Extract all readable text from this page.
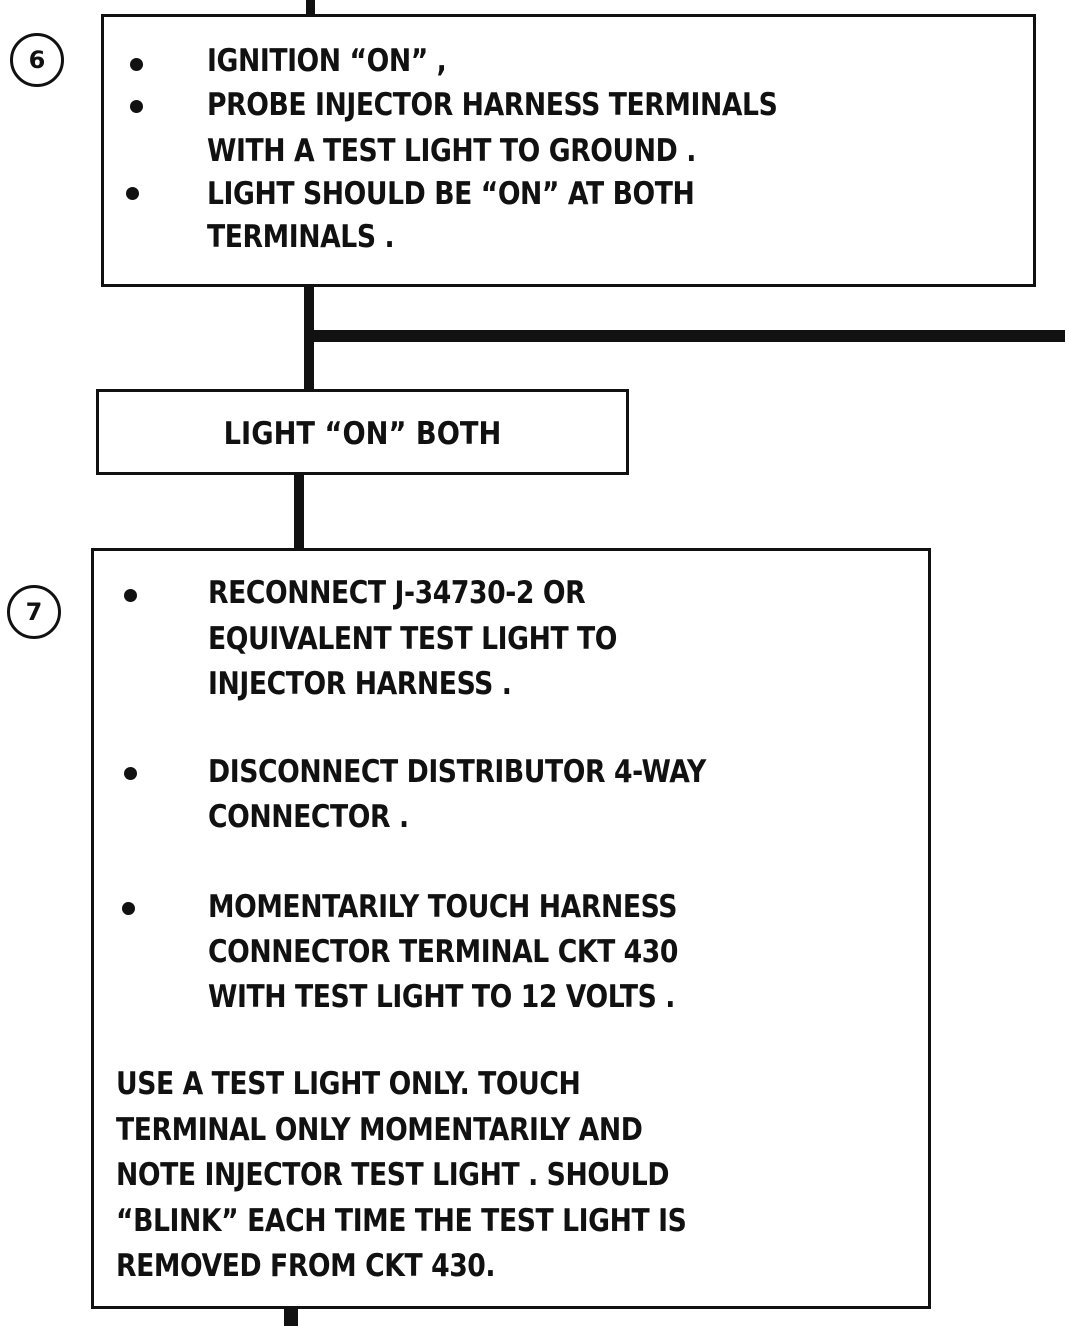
6	IGNITION “ON” ,
PROBE INJECTOR HARNESS TERMINALS
WITH A TEST LIGHT TO GROUND .
LIGHT SHOULD BE “ON” AT BOTH
TERMINALS .
LIGHT “ON” BOTH
7
RECONNECT J-34730-2 OR
EQUIVALENT TEST LIGHT TO
INJECTOR HARNESS .
DISCONNECT DISTRIBUTOR 4-WAY
CONNECTOR .
MOMENTARILY TOUCH HARNESS
CONNECTOR TERMINAL CKT 430
WITH TEST LIGHT TO 12 VOLTS .
USE A TEST LIGHT ONLY. TOUCH
TERMINAL ONLY MOMENTARILY AND
NOTE INJECTOR TEST LIGHT . SHOULD
“BLINK” EACH TIME THE TEST LIGHT IS
REMOVED FROM CKT 430.
